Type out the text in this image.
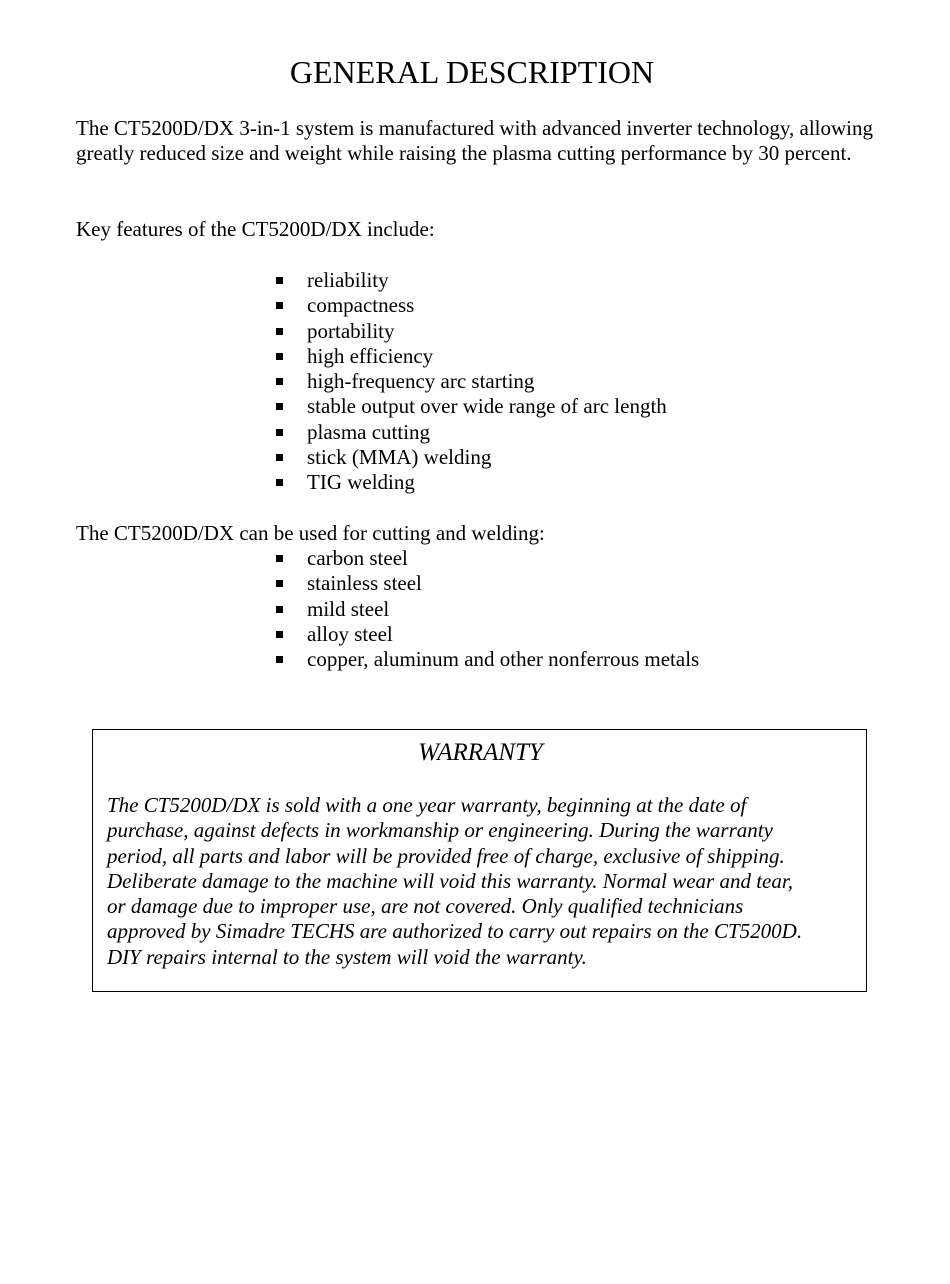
GENERAL DESCRIPTION

The CT5200D/DX 3-in-1 system is manufactured with advanced inverter technology, allowing greatly reduced size and weight while raising the plasma cutting performance by 30 percent.

Key features of the CT5200D/DX include:

reliability
compactness
portability
high efficiency
high-frequency arc starting
stable output over wide range of arc length
plasma cutting
stick (MMA) welding
TIG welding

The CT5200D/DX can be used for cutting and welding:

carbon steel
stainless steel
mild steel
alloy steel
copper, aluminum and other nonferrous metals
WARRANTY

The CT5200D/DX is sold with a one year warranty, beginning at the date of
purchase, against defects in workmanship or engineering. During the warranty
period, all parts and labor will be provided free of charge, exclusive of shipping.
Deliberate damage to the machine will void this warranty. Normal wear and tear,
or damage due to improper use, are not covered. Only qualified technicians
approved by Simadre TECHS are authorized to carry out repairs on the CT5200D.
DIY repairs internal to the system will void the warranty.
